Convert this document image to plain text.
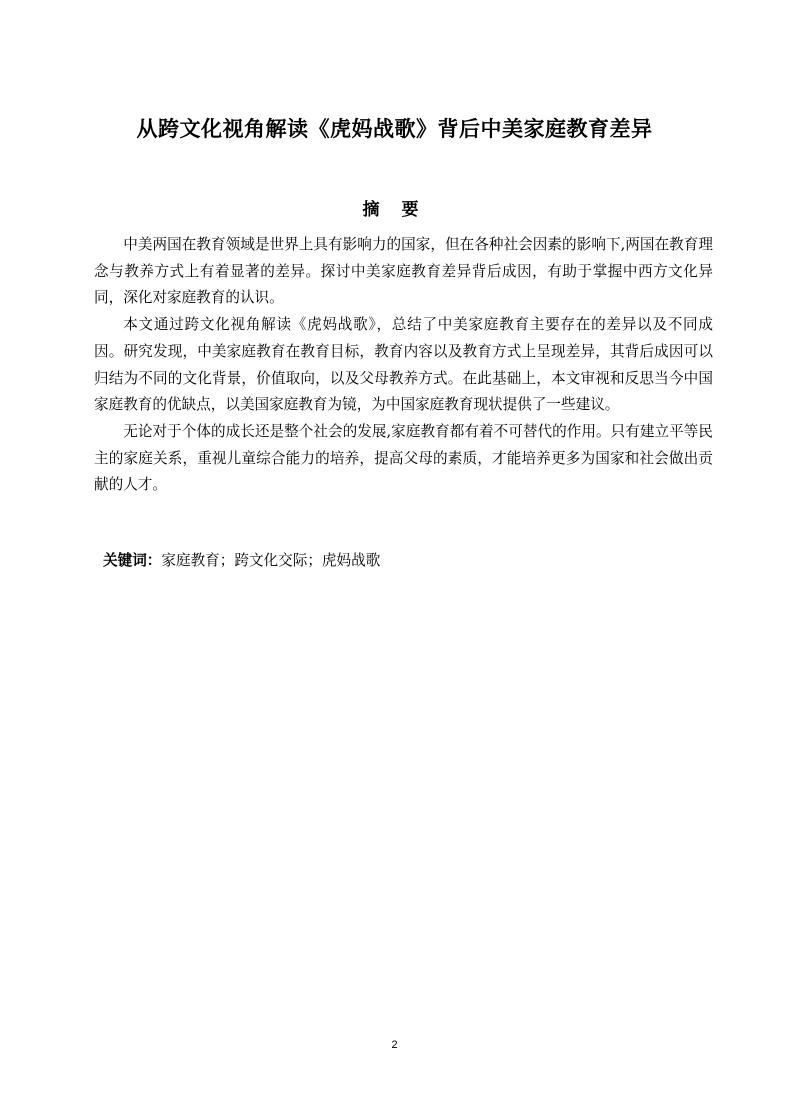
从跨文化视角解读《虎妈战歌》背后中美家庭教育差异
摘 要

中美两国在教育领域是世界上具有影响力的国家，但在各种社会因素的影响下,两国在教育理念与教养方式上有着显著的差异。探讨中美家庭教育差异背后成因，有助于掌握中西方文化异同，深化对家庭教育的认识。

本文通过跨文化视角解读《虎妈战歌》，总结了中美家庭教育主要存在的差异以及不同成因。研究发现，中美家庭教育在教育目标，教育内容以及教育方式上呈现差异，其背后成因可以归结为不同的文化背景，价值取向，以及父母教养方式。在此基础上，本文审视和反思当今中国家庭教育的优缺点，以美国家庭教育为镜，为中国家庭教育现状提供了一些建议。

无论对于个体的成长还是整个社会的发展,家庭教育都有着不可替代的作用。只有建立平等民主的家庭关系，重视儿童综合能力的培养，提高父母的素质，才能培养更多为国家和社会做出贡献的人才。

关键词：家庭教育；跨文化交际；虎妈战歌
2
